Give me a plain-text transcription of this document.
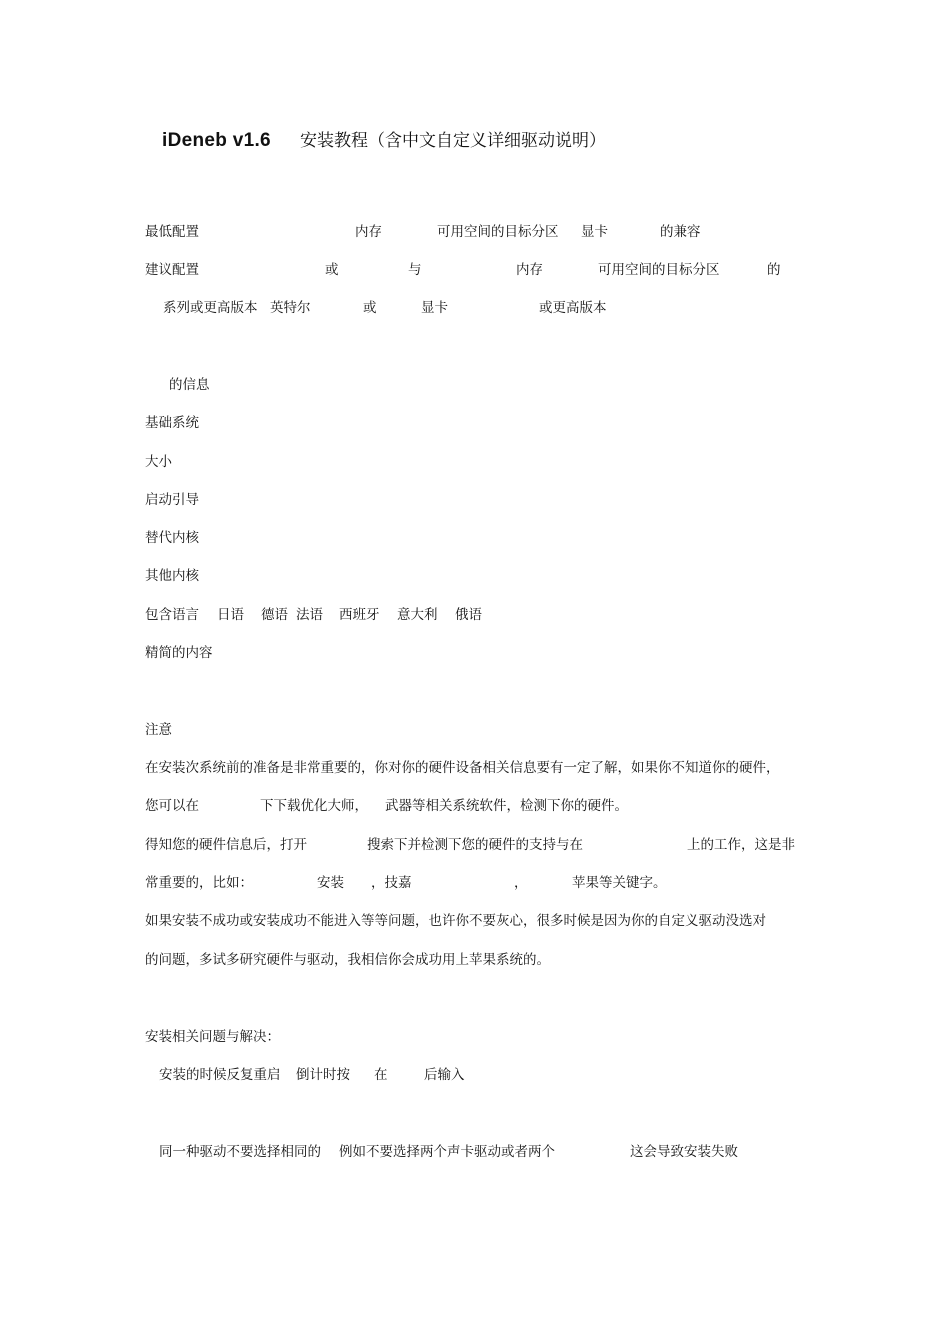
iDeneb v1.6 安装教程（含中文自定义详细驱动说明）
最低配置	内存	可用空间的目标分区 显卡	的兼容
建议配置	或	与	内存	可用空间的目标分区	的
系列或更高版本 英特尔	或	显卡	或更高版本
的信息
基础系统
大小
启动引导
替代内核
其他内核
包含语言 日语 德语 法语 西班牙 意大利 俄语
精简的内容
注意
在安装次系统前的准备是非常重要的，你对你的硬件设备相关信息要有一定了解，如果你不知道你的硬件，
您可以在	下下载优化大师， 武器等相关系统软件，检测下你的硬件。
得知您的硬件信息后，打开	搜索下并检测下您的硬件的支持与在	上的工作，这是非
常重要的，比如：	安装 ，技嘉	，	苹果等关键字。
如果安装不成功或安装成功不能进入等等问题，也许你不要灰心，很多时候是因为你的自定义驱动没选对
的问题，多试多研究硬件与驱动，我相信你会成功用上苹果系统的。
安装相关问题与解决：
安装的时候反复重启 倒计时按 在	后输入
同一种驱动不要选择相同的 例如不要选择两个声卡驱动或者两个	这会导致安装失败
